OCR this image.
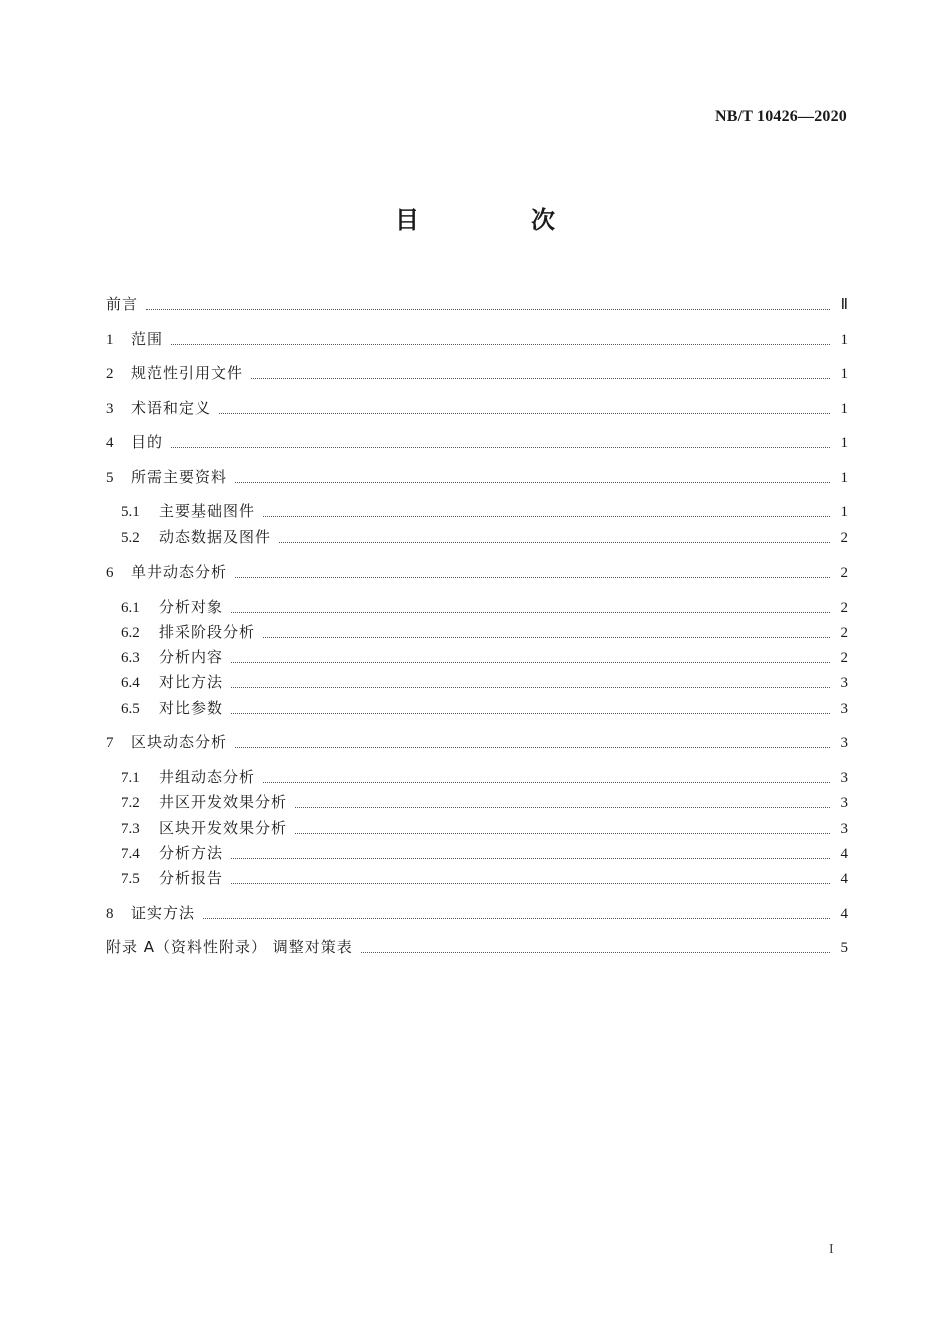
NB/T 10426—2020
目　次
前言	Ⅱ
1	范围	1
2	规范性引用文件	1
3	术语和定义	1
4	目的	1
5	所需主要资料	1
5.1	主要基础图件	1
5.2	动态数据及图件	2
6	单井动态分析	2
6.1	分析对象	2
6.2	排采阶段分析	2
6.3	分析内容	2
6.4	对比方法	3
6.5	对比参数	3
7	区块动态分析	3
7.1	井组动态分析	3
7.2	井区开发效果分析	3
7.3	区块开发效果分析	3
7.4	分析方法	4
7.5	分析报告	4
8	证实方法	4
附录 A（资料性附录） 调整对策表	5
I
